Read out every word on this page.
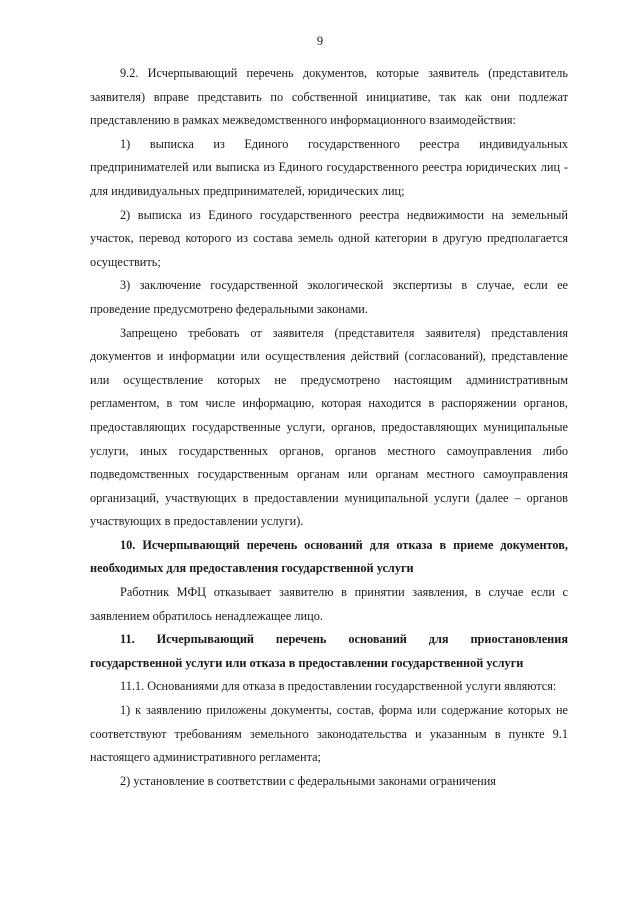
9

9.2. Исчерпывающий перечень документов, которые заявитель (представитель заявителя) вправе представить по собственной инициативе, так как они подлежат представлению в рамках межведомственного информационного взаимодействия:

1) выписка из Единого государственного реестра индивидуальных предпринимателей или выписка из Единого государственного реестра юридических лиц - для индивидуальных предпринимателей, юридических лиц;

2) выписка из Единого государственного реестра недвижимости на земельный участок, перевод которого из состава земель одной категории в другую предполагается осуществить;

3) заключение государственной экологической экспертизы в случае, если ее проведение предусмотрено федеральными законами.

Запрещено требовать от заявителя (представителя заявителя) представления документов и информации или осуществления действий (согласований), представление или осуществление которых не предусмотрено настоящим административным регламентом, в том числе информацию, которая находится в распоряжении органов, предоставляющих государственные услуги, органов, предоставляющих муниципальные услуги, иных государственных органов, органов местного самоуправления либо подведомственных государственным органам или органам местного самоуправления организаций, участвующих в предоставлении муниципальной услуги (далее – органов участвующих в предоставлении услуги).

10. Исчерпывающий перечень оснований для отказа в приеме документов, необходимых для предоставления государственной услуги

Работник МФЦ отказывает заявителю в принятии заявления, в случае если с заявлением обратилось ненадлежащее лицо.

11. Исчерпывающий перечень оснований для приостановления государственной услуги или отказа в предоставлении государственной услуги

11.1. Основаниями для отказа в предоставлении государственной услуги являются:

1) к заявлению приложены документы, состав, форма или содержание которых не соответствуют требованиям земельного законодательства и указанным в пункте 9.1 настоящего административного регламента;

2) установление в соответствии с федеральными законами ограничения
